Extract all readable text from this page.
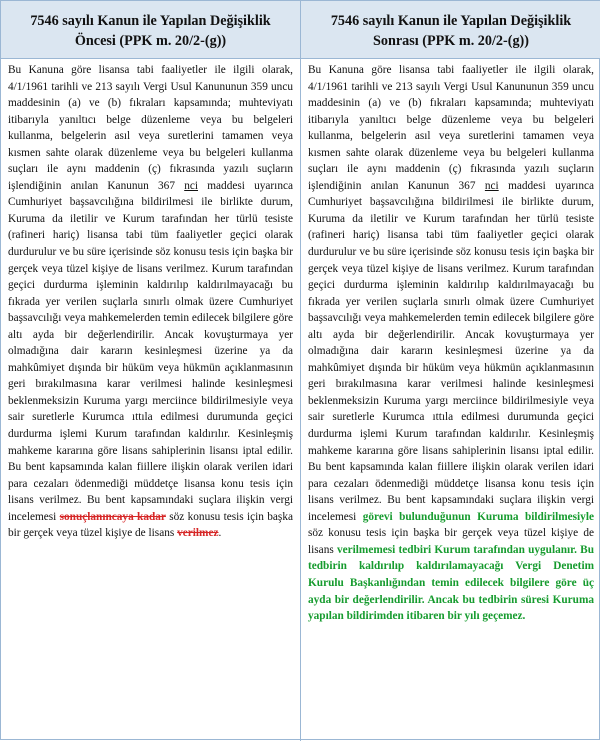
7546 sayılı Kanun ile Yapılan Değişiklik Öncesi (PPK m. 20/2-(g))
7546 sayılı Kanun ile Yapılan Değişiklik Sonrası (PPK m. 20/2-(g))
Bu Kanuna göre lisansa tabi faaliyetler ile ilgili olarak, 4/1/1961 tarihli ve 213 sayılı Vergi Usul Kanununun 359 uncu maddesinin (a) ve (b) fıkraları kapsamında; muhteviyatı itibarıyla yanıltıcı belge düzenleme veya bu belgeleri kullanma, belgelerin asıl veya suretlerini tamamen veya kısmen sahte olarak düzenleme veya bu belgeleri kullanma suçları ile aynı maddenin (ç) fıkrasında yazılı suçların işlendiğinin anılan Kanunun 367 nci maddesi uyarınca Cumhuriyet başsavcılığına bildirilmesi ile birlikte durum, Kuruma da iletilir ve Kurum tarafından her türlü tesiste (rafineri hariç) lisansa tabi tüm faaliyetler geçici olarak durdurulur ve bu süre içerisinde söz konusu tesis için başka bir gerçek veya tüzel kişiye de lisans verilmez. Kurum tarafından geçici durdurma işleminin kaldırılıp kaldırılmayacağı bu fıkrada yer verilen suçlarla sınırlı olmak üzere Cumhuriyet başsavcılığı veya mahkemelerden temin edilecek bilgilere göre altı ayda bir değerlendirilir. Ancak kovuşturmaya yer olmadığına dair kararın kesinleşmesi üzerine ya da mahkûmiyet dışında bir hüküm veya hükmün açıklanmasının geri bırakılmasına karar verilmesi halinde kesinleşmesi beklenmeksizin Kuruma yargı merciince bildirilmesiyle veya sair suretlerle Kurumca ıttıla edilmesi durumunda geçici durdurma işlemi Kurum tarafından kaldırılır. Kesinleşmiş mahkeme kararına göre lisans sahiplerinin lisansı iptal edilir. Bu bent kapsamında kalan fiillere ilişkin olarak verilen idari para cezaları ödenmediği müddetçe lisansa konu tesis için lisans verilmez. Bu bent kapsamındaki suçlara ilişkin vergi incelemesi sonuçlanıncaya kadar söz konusu tesis için başka bir gerçek veya tüzel kişiye de lisans verilmez.
Bu Kanuna göre lisansa tabi faaliyetler ile ilgili olarak, 4/1/1961 tarihli ve 213 sayılı Vergi Usul Kanununun 359 uncu maddesinin (a) ve (b) fıkraları kapsamında; muhteviyatı itibarıyla yanıltıcı belge düzenleme veya bu belgeleri kullanma, belgelerin asıl veya suretlerini tamamen veya kısmen sahte olarak düzenleme veya bu belgeleri kullanma suçları ile aynı maddenin (ç) fıkrasında yazılı suçların işlendiğinin anılan Kanunun 367 nci maddesi uyarınca Cumhuriyet başsavcılığına bildirilmesi ile birlikte durum, Kuruma da iletilir ve Kurum tarafından her türlü tesiste (rafineri hariç) lisansa tabi tüm faaliyetler geçici olarak durdurulur ve bu süre içerisinde söz konusu tesis için başka bir gerçek veya tüzel kişiye de lisans verilmez. Kurum tarafından geçici durdurma işleminin kaldırılıp kaldırılmayacağı bu fıkrada yer verilen suçlarla sınırlı olmak üzere Cumhuriyet başsavcılığı veya mahkemelerden temin edilecek bilgilere göre altı ayda bir değerlendirilir. Ancak kovuşturmaya yer olmadığına dair kararın kesinleşmesi üzerine ya da mahkûmiyet dışında bir hüküm veya hükmün açıklanmasının geri bırakılmasına karar verilmesi halinde kesinleşmesi beklenmeksizin Kuruma yargı merciince bildirilmesiyle veya sair suretlerle Kurumca ıttıla edilmesi durumunda geçici durdurma işlemi Kurum tarafından kaldırılır. Kesinleşmiş mahkeme kararına göre lisans sahiplerinin lisansı iptal edilir. Bu bent kapsamında kalan fiillere ilişkin olarak verilen idari para cezaları ödenmediği müddetçe lisansa konu tesis için lisans verilmez. Bu bent kapsamındaki suçlara ilişkin vergi incelemesi görevi bulunduğunun Kuruma bildirilmesiyle söz konusu tesis için başka bir gerçek veya tüzel kişiye de lisans verilmemesi tedbiri Kurum tarafından uygulanır. Bu tedbirin kaldırılıp kaldırılamayacağı Vergi Denetim Kurulu Başkanlığından temin edilecek bilgilere göre üç ayda bir değerlendirilir. Ancak bu tedbirin süresi Kuruma yapılan bildirimden itibaren bir yılı geçemez.
